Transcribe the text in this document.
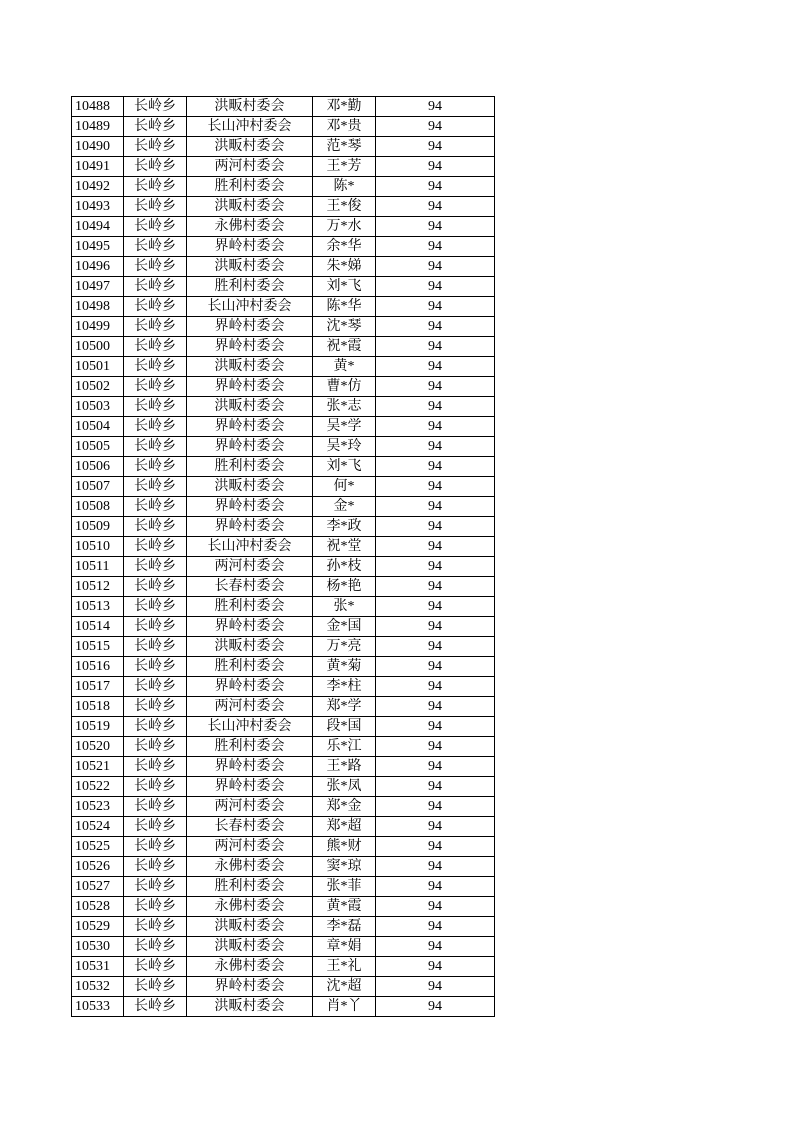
10488	长岭乡	洪畈村委会	邓*勤	94
10489	长岭乡	长山冲村委会	邓*贵	94
10490	长岭乡	洪畈村委会	范*琴	94
10491	长岭乡	两河村委会	王*芳	94
10492	长岭乡	胜利村委会	陈*	94
10493	长岭乡	洪畈村委会	王*俊	94
10494	长岭乡	永佛村委会	万*水	94
10495	长岭乡	界岭村委会	余*华	94
10496	长岭乡	洪畈村委会	朱*娣	94
10497	长岭乡	胜利村委会	刘*飞	94
10498	长岭乡	长山冲村委会	陈*华	94
10499	长岭乡	界岭村委会	沈*琴	94
10500	长岭乡	界岭村委会	祝*霞	94
10501	长岭乡	洪畈村委会	黄*	94
10502	长岭乡	界岭村委会	曹*仿	94
10503	长岭乡	洪畈村委会	张*志	94
10504	长岭乡	界岭村委会	吴*学	94
10505	长岭乡	界岭村委会	吴*玲	94
10506	长岭乡	胜利村委会	刘*飞	94
10507	长岭乡	洪畈村委会	何*	94
10508	长岭乡	界岭村委会	金*	94
10509	长岭乡	界岭村委会	李*政	94
10510	长岭乡	长山冲村委会	祝*堂	94
10511	长岭乡	两河村委会	孙*枝	94
10512	长岭乡	长春村委会	杨*艳	94
10513	长岭乡	胜利村委会	张*	94
10514	长岭乡	界岭村委会	金*国	94
10515	长岭乡	洪畈村委会	万*亮	94
10516	长岭乡	胜利村委会	黄*菊	94
10517	长岭乡	界岭村委会	李*柱	94
10518	长岭乡	两河村委会	郑*学	94
10519	长岭乡	长山冲村委会	段*国	94
10520	长岭乡	胜利村委会	乐*江	94
10521	长岭乡	界岭村委会	王*路	94
10522	长岭乡	界岭村委会	张*凤	94
10523	长岭乡	两河村委会	郑*金	94
10524	长岭乡	长春村委会	郑*超	94
10525	长岭乡	两河村委会	熊*财	94
10526	长岭乡	永佛村委会	窦*琼	94
10527	长岭乡	胜利村委会	张*菲	94
10528	长岭乡	永佛村委会	黄*霞	94
10529	长岭乡	洪畈村委会	李*磊	94
10530	长岭乡	洪畈村委会	章*娟	94
10531	长岭乡	永佛村委会	王*礼	94
10532	长岭乡	界岭村委会	沈*超	94
10533	长岭乡	洪畈村委会	肖*丫	94
